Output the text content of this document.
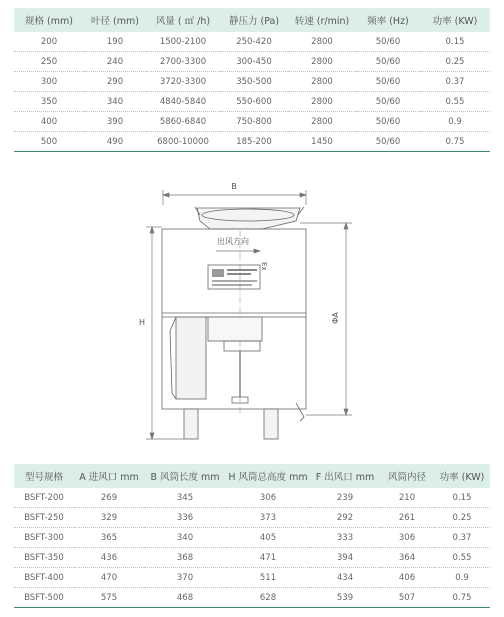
规格 (mm)	叶径 (mm)	风量 ( ㎡ /h)	静压力 (Pa)	转速 (r/min)	频率 (Hz)	功率 (KW)
200	190	1500-2100	250-420	2800	50/60	0.15
250	240	2700-3300	300-450	2800	50/60	0.25
300	290	3720-3300	350-500	2800	50/60	0.37
350	340	4840-5840	550-600	2800	50/60	0.55
400	390	5860-6840	750-800	2800	50/60	0.9
500	490	6800-10000	185-200	1450	50/60	0.75
B
出风方向
Ex
H	ΦA
型号规格	A 进风口 mm	B 风筒长度 mm	H 风筒总高度 mm	F 出风口 mm	风筒内径	功率 (KW)
BSFT-200	269	345	306	239	210	0.15
BSFT-250	329	336	373	292	261	0.25
BSFT-300	365	340	405	333	306	0.37
BSFT-350	436	368	471	394	364	0.55
BSFT-400	470	370	511	434	406	0.9
BSFT-500	575	468	628	539	507	0.75
